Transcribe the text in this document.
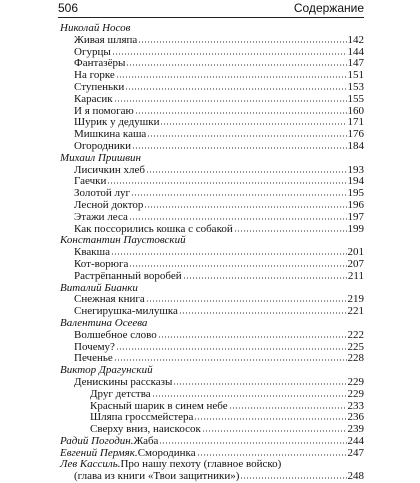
506	Содержание
Николай Носов
Живая шляпа	142
Огурцы	144
Фантазёры	147
На горке	151
Ступеньки	153
Карасик	155
И я помогаю	160
Шурик у дедушки	171
Мишкина каша	176
Огородники	184
Михаил Пришвин
Лисичкин хлеб	193
Гаечки	194
Золотой луг	195
Лесной доктор	196
Этажи леса	197
Как поссорились кошка с собакой	199
Константин Паустовский
Квакша	201
Кот-ворюга	207
Растрёпанный воробей	211
Виталий Бианки
Снежная книга	219
Снегирушка-милушка	221
Валентина Осеева
Волшебное слово	222
Почему?	225
Печенье	228
Виктор Драгунский
Денискины рассказы	229
Друг детства	229
Красный шарик в синем небе	233
Шляпа гроссмейстера	236
Сверху вниз, наискосок	239
Радий Погодин. Жаба	244
Евгений Пермяк. Смородинка	247
Лев Кассиль. Про нашу пехоту (главное войско)
(глава из книги «Твои защитники»)	248
